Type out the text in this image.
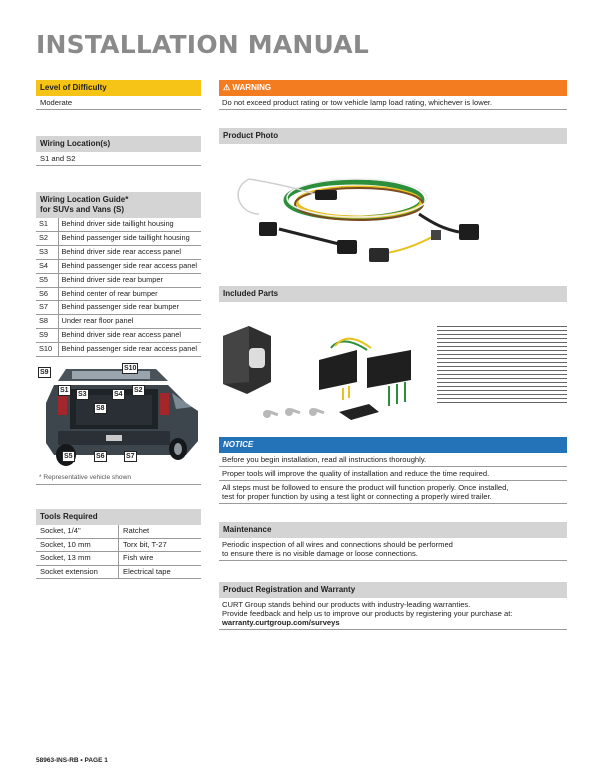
INSTALLATION MANUAL
Level of Difficulty
Moderate
Wiring Location(s)
S1 and S2
Wiring Location Guide*
for SUVs and Vans (S)
S1	Behind driver side taillight housing
S2	Behind passenger side taillight housing
S3	Behind driver side rear access panel
S4	Behind passenger side rear access panel
S5	Behind driver side rear bumper
S6	Behind center of rear bumper
S7	Behind passenger side rear bumper
S8	Under rear floor panel
S9	Behind driver side rear access panel
S10	Behind passenger side rear access panel
S9
S10
S1
S3	S4
S2
S8
S5	S6	S7
* Representative vehicle shown
Tools Required
Socket, 1/4"	Ratchet
Socket, 10 mm	Torx bit, T-27
Socket, 13 mm	Fish wire
Socket extension	Electrical tape
⚠ WARNING
Do not exceed product rating or tow vehicle lamp load rating, whichever is lower.
Product Photo
Included Parts
NOTICE
Before you begin installation, read all instructions thoroughly.
Proper tools will improve the quality of installation and reduce the time required.
All steps must be followed to ensure the product will function properly. Once installed,
test for proper function by using a test light or connecting a properly wired trailer.
Maintenance
Periodic inspection of all wires and connections should be performed
to ensure there is no visible damage or loose connections.
Product Registration and Warranty
CURT Group stands behind our products with industry-leading warranties.
Provide feedback and help us to improve our products by registering your purchase at:
warranty.curtgroup.com/surveys
58963-INS-RB • PAGE 1
